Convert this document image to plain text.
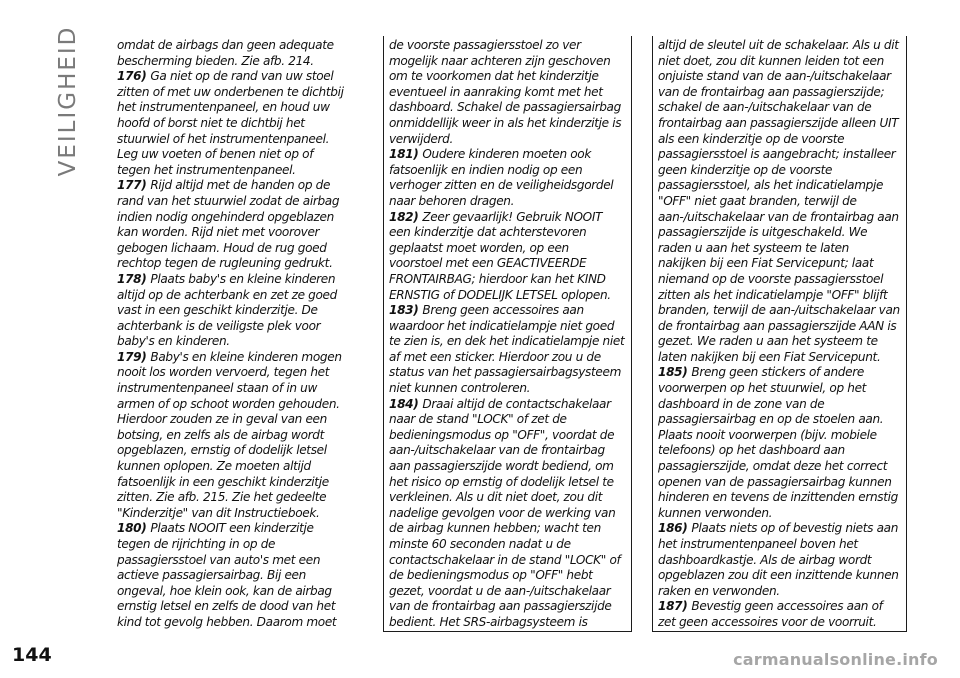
VEILIGHEID	omdat de airbags dan geen adequate bescherming bieden. Zie afb. 214.

176) Ga niet op de rand van uw stoel zitten of met uw onderbenen te dichtbij het instrumentenpaneel, en houd uw hoofd of borst niet te dichtbij het stuurwiel of het instrumentenpaneel. Leg uw voeten of benen niet op of tegen het instrumentenpaneel.

177) Rijd altijd met de handen op de rand van het stuurwiel zodat de airbag indien nodig ongehinderd opgeblazen kan worden. Rijd niet met voorover gebogen lichaam. Houd de rug goed rechtop tegen de rugleuning gedrukt.

178) Plaats baby's en kleine kinderen altijd op de achterbank en zet ze goed vast in een geschikt kinderzitje. De achterbank is de veiligste plek voor baby's en kinderen.

179) Baby's en kleine kinderen mogen nooit los worden vervoerd, tegen het instrumentenpaneel staan of in uw armen of op schoot worden gehouden. Hierdoor zouden ze in geval van een botsing, en zelfs als de airbag wordt opgeblazen, ernstig of dodelijk letsel kunnen oplopen. Ze moeten altijd fatsoenlijk in een geschikt kinderzitje zitten. Zie afb. 215. Zie het gedeelte "Kinderzitje" van dit Instructieboek.

180) Plaats NOOIT een kinderzitje tegen de rijrichting in op de passagiersstoel van auto's met een actieve passagiersairbag. Bij een ongeval, hoe klein ook, kan de airbag ernstig letsel en zelfs de dood van het kind tot gevolg hebben. Daarom moet

de voorste passagiersstoel zo ver mogelijk naar achteren zijn geschoven om te voorkomen dat het kinderzitje eventueel in aanraking komt met het dashboard. Schakel de passagiersairbag onmiddellijk weer in als het kinderzitje is verwijderd.

181) Oudere kinderen moeten ook fatsoenlijk en indien nodig op een verhoger zitten en de veiligheidsgordel naar behoren dragen.

182) Zeer gevaarlijk! Gebruik NOOIT een kinderzitje dat achterstevoren geplaatst moet worden, op een voorstoel met een GEACTIVEERDE FRONTAIRBAG; hierdoor kan het KIND ERNSTIG of DODELIJK LETSEL oplopen.

183) Breng geen accessoires aan waardoor het indicatielampje niet goed te zien is, en dek het indicatielampje niet af met een sticker. Hierdoor zou u de status van het passagiersairbagsysteem niet kunnen controleren.

184) Draai altijd de contactschakelaar naar de stand "LOCK" of zet de bedieningsmodus op "OFF", voordat de aan-/uitschakelaar van de frontairbag aan passagierszijde wordt bediend, om het risico op ernstig of dodelijk letsel te verkleinen. Als u dit niet doet, zou dit nadelige gevolgen voor de werking van de airbag kunnen hebben; wacht ten minste 60 seconden nadat u de contactschakelaar in de stand "LOCK" of de bedieningsmodus op "OFF" hebt gezet, voordat u de aan-/uitschakelaar van de frontairbag aan passagierszijde bedient. Het SRS-airbagsysteem is

altijd de sleutel uit de schakelaar. Als u dit niet doet, zou dit kunnen leiden tot een onjuiste stand van de aan-/uitschakelaar van de frontairbag aan passagierszijde; schakel de aan-/uitschakelaar van de frontairbag aan passagierszijde alleen UIT als een kinderzitje op de voorste passagiersstoel is aangebracht; installeer geen kinderzitje op de voorste passagiersstoel, als het indicatielampje "OFF" niet gaat branden, terwijl de aan-/uitschakelaar van de frontairbag aan passagierszijde is uitgeschakeld. We raden u aan het systeem te laten nakijken bij een Fiat Servicepunt; laat niemand op de voorste passagiersstoel zitten als het indicatielampje "OFF" blijft branden, terwijl de aan-/uitschakelaar van de frontairbag aan passagierszijde AAN is gezet. We raden u aan het systeem te laten nakijken bij een Fiat Servicepunt.

185) Breng geen stickers of andere voorwerpen op het stuurwiel, op het dashboard in de zone van de passagiersairbag en op de stoelen aan. Plaats nooit voorwerpen (bijv. mobiele telefoons) op het dashboard aan passagierszijde, omdat deze het correct openen van de passagiersairbag kunnen hinderen en tevens de inzittenden ernstig kunnen verwonden.

186) Plaats niets op of bevestig niets aan het instrumentenpaneel boven het dashboardkastje. Als de airbag wordt opgeblazen zou dit een inzittende kunnen raken en verwonden.

187) Bevestig geen accessoires aan of zet geen accessoires voor de voorruit.

144	carmanualsonline.info
